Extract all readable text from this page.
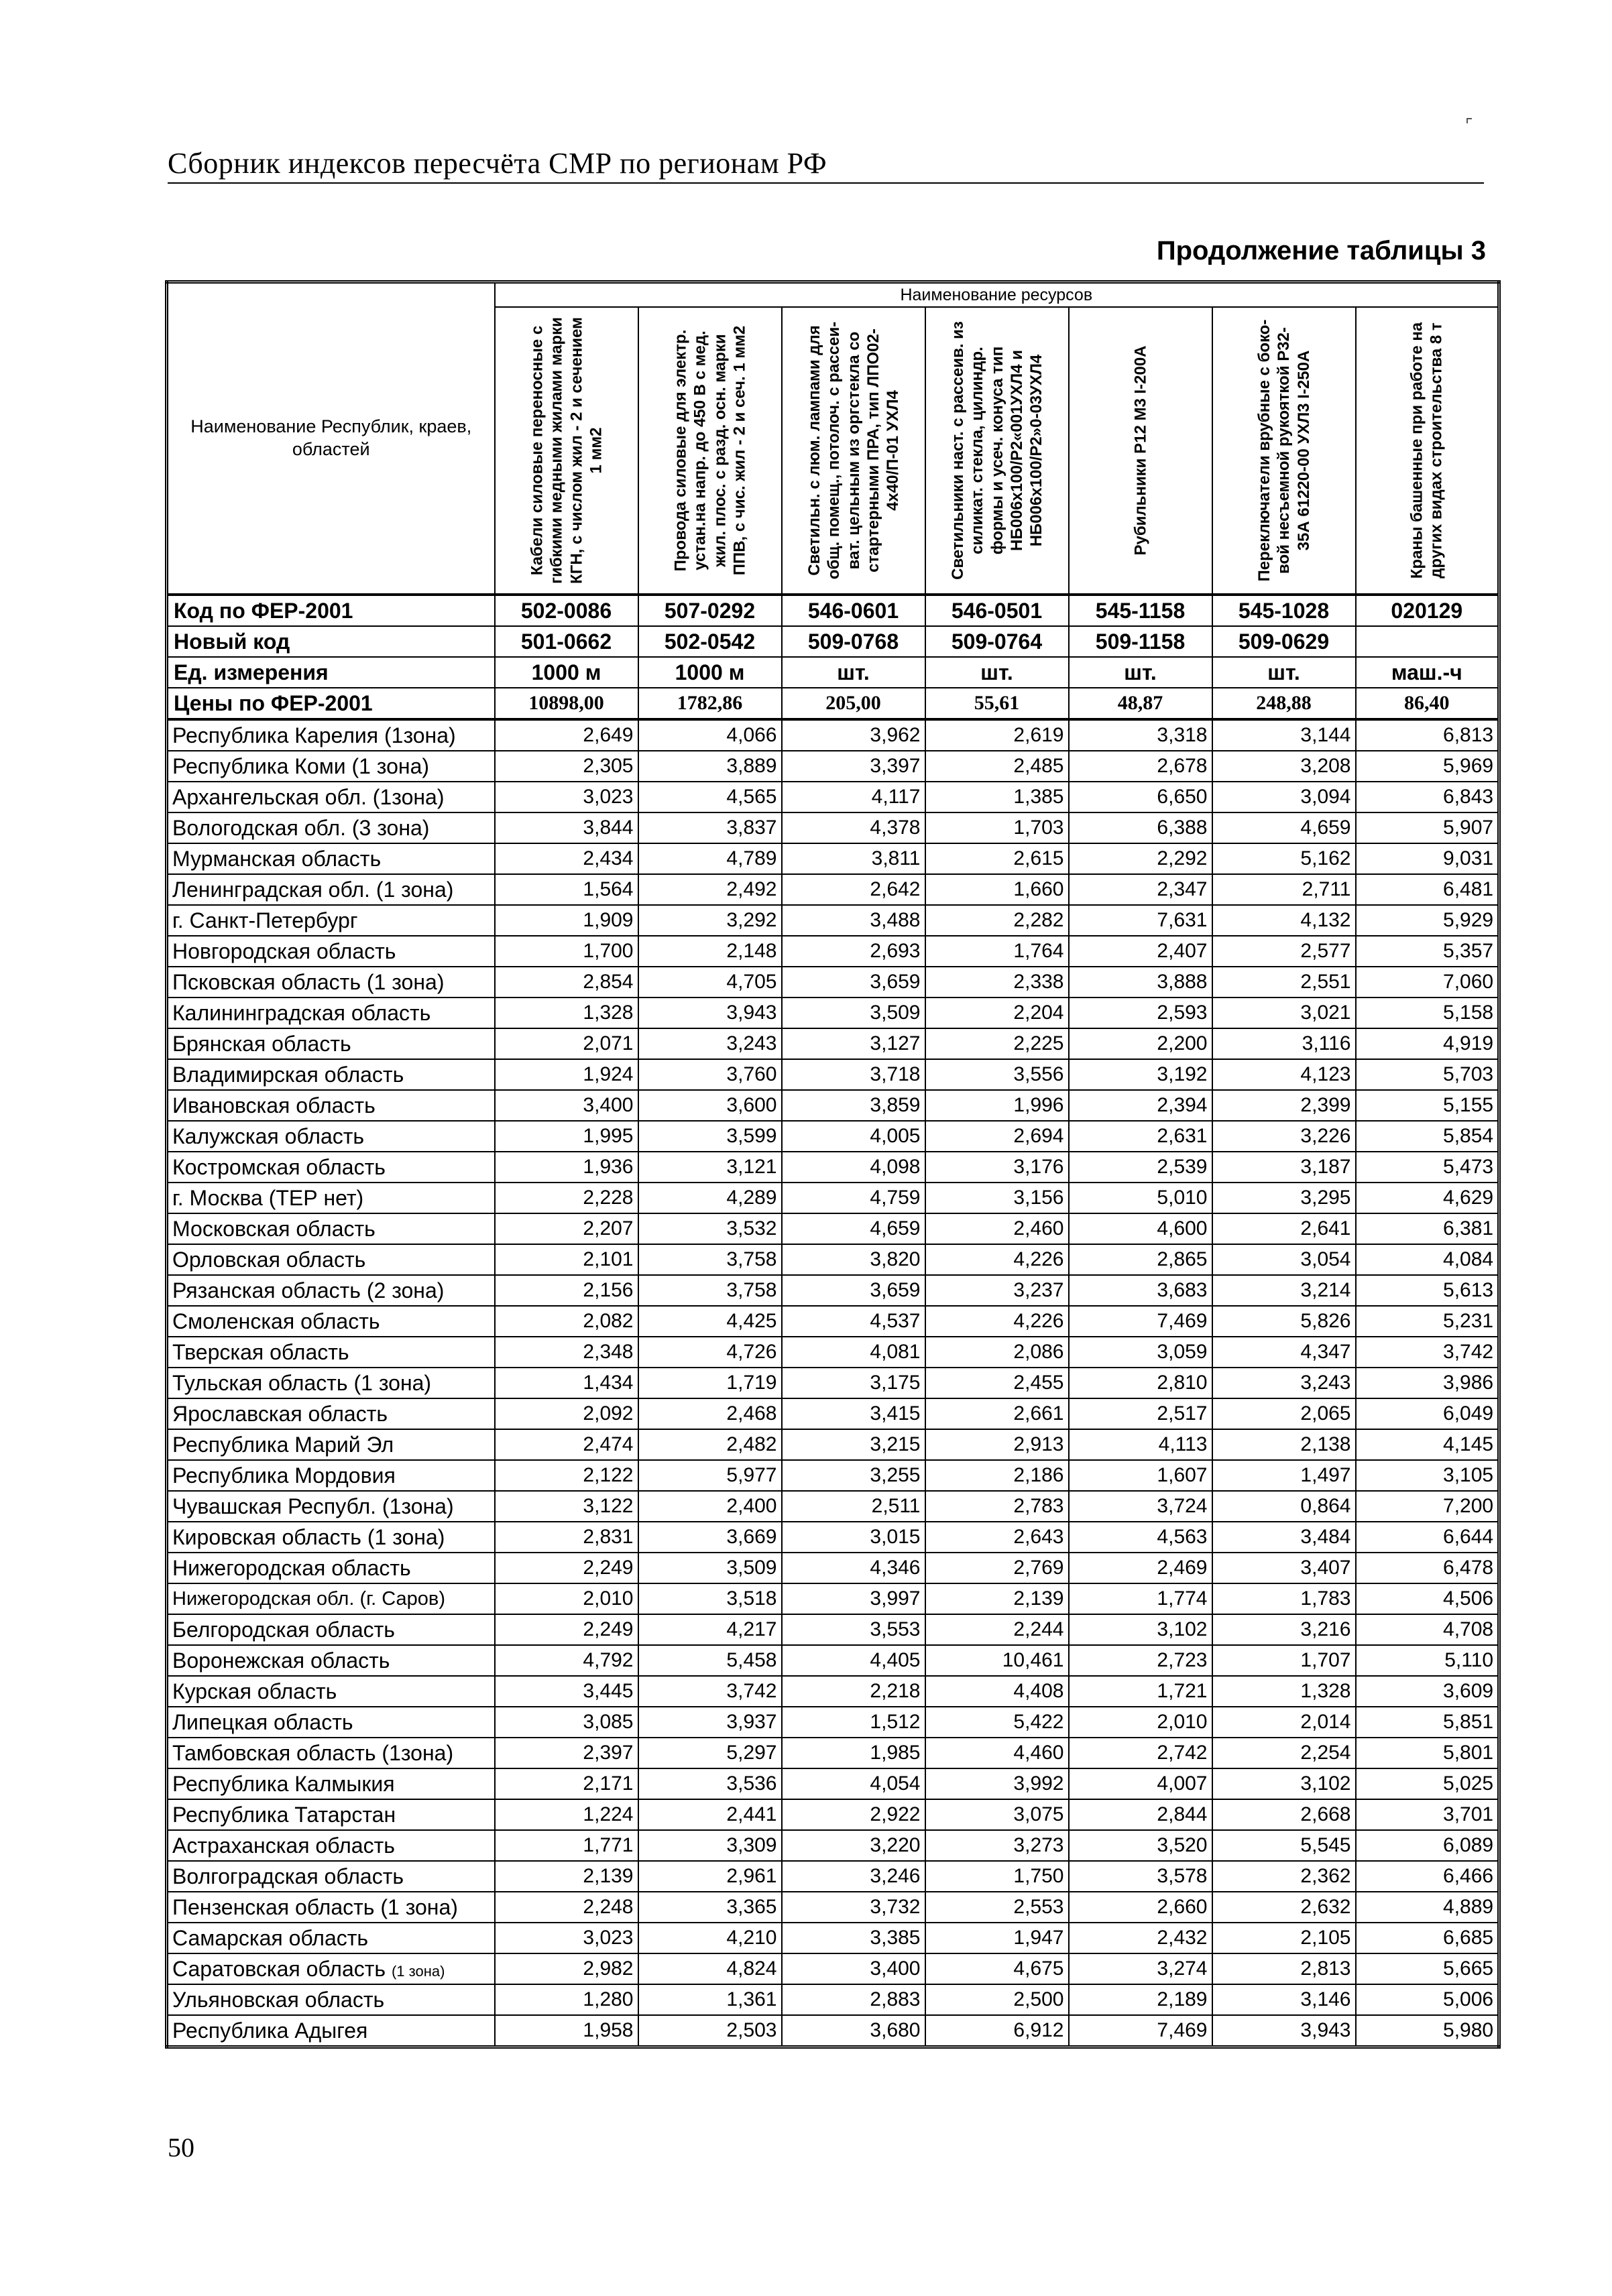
Сборник индексов пересчёта СМР по регионам РФ
Продолжение таблицы 3
Наименование Республик, краев, областей	Наименование ресурсов						

	Кабели силовые переносные с гибкими медными жилами марки КГН, с числом жил - 2 и сечением 1 мм2	Провода силовые для электр. устан.на напр. до 450 В с мед. жил. плос. с разд. осн. марки ППВ, с чис. жил - 2 и сеч. 1 мм2	Светильн. с люм. лампами для общ. помещ., потолоч. с рассеи-ват. цельным из оргстекла со стартерными ПРА, тип ЛПО02-4х40/П-01 УХЛ4	Светильники наст. с рассеив. из силикат. стекла, цилиндр. формы и усеч. конуса тип НБ006х100/Р2«001УХЛ4 и НБ006х100/Р2»0-03УХЛ4	Рубильники Р12 М3 I-200А	Переключатели врубные с боко-вой несъемной рукояткой Р32-35А 61220-00 УХЛ3 I-250А	Краны башенные при работе на других видах строительства 8 т

Код по ФЕР-2001	502-0086	507-0292	546-0601	546-0501	545-1158	545-1028	020129
Новый код	501-0662	502-0542	509-0768	509-0764	509-1158	509-0629	
Ед. измерения	1000 м	1000 м	шт.	шт.	шт.	шт.	маш.-ч
Цены по ФЕР-2001	10898,00	1782,86	205,00	55,61	48,87	248,88	86,40
Республика Карелия (1зона)	2,649	4,066	3,962	2,619	3,318	3,144	6,813
Республика Коми (1 зона)	2,305	3,889	3,397	2,485	2,678	3,208	5,969
Архангельская обл. (1зона)	3,023	4,565	4,117	1,385	6,650	3,094	6,843
Вологодская обл. (3 зона)	3,844	3,837	4,378	1,703	6,388	4,659	5,907
Мурманская область	2,434	4,789	3,811	2,615	2,292	5,162	9,031
Ленинградская обл. (1 зона)	1,564	2,492	2,642	1,660	2,347	2,711	6,481
г. Санкт-Петербург	1,909	3,292	3,488	2,282	7,631	4,132	5,929
Новгородская область	1,700	2,148	2,693	1,764	2,407	2,577	5,357
Псковская область (1 зона)	2,854	4,705	3,659	2,338	3,888	2,551	7,060
Калининградская область	1,328	3,943	3,509	2,204	2,593	3,021	5,158
Брянская область	2,071	3,243	3,127	2,225	2,200	3,116	4,919
Владимирская область	1,924	3,760	3,718	3,556	3,192	4,123	5,703
Ивановская область	3,400	3,600	3,859	1,996	2,394	2,399	5,155
Калужская область	1,995	3,599	4,005	2,694	2,631	3,226	5,854
Костромская область	1,936	3,121	4,098	3,176	2,539	3,187	5,473
г. Москва (ТЕР нет)	2,228	4,289	4,759	3,156	5,010	3,295	4,629
Московская область	2,207	3,532	4,659	2,460	4,600	2,641	6,381
Орловская область	2,101	3,758	3,820	4,226	2,865	3,054	4,084
Рязанская область (2 зона)	2,156	3,758	3,659	3,237	3,683	3,214	5,613
Смоленская область	2,082	4,425	4,537	4,226	7,469	5,826	5,231
Тверская область	2,348	4,726	4,081	2,086	3,059	4,347	3,742
Тульская область (1 зона)	1,434	1,719	3,175	2,455	2,810	3,243	3,986
Ярославская область	2,092	2,468	3,415	2,661	2,517	2,065	6,049
Республика Марий Эл	2,474	2,482	3,215	2,913	4,113	2,138	4,145
Республика Мордовия	2,122	5,977	3,255	2,186	1,607	1,497	3,105
Чувашская Республ. (1зона)	3,122	2,400	2,511	2,783	3,724	0,864	7,200
Кировская область (1 зона)	2,831	3,669	3,015	2,643	4,563	3,484	6,644
Нижегородская область	2,249	3,509	4,346	2,769	2,469	3,407	6,478
Нижегородская обл. (г. Саров)	2,010	3,518	3,997	2,139	1,774	1,783	4,506
Белгородская область	2,249	4,217	3,553	2,244	3,102	3,216	4,708
Воронежская область	4,792	5,458	4,405	10,461	2,723	1,707	5,110
Курская область	3,445	3,742	2,218	4,408	1,721	1,328	3,609
Липецкая область	3,085	3,937	1,512	5,422	2,010	2,014	5,851
Тамбовская область (1зона)	2,397	5,297	1,985	4,460	2,742	2,254	5,801
Республика Калмыкия	2,171	3,536	4,054	3,992	4,007	3,102	5,025
Республика Татарстан	1,224	2,441	2,922	3,075	2,844	2,668	3,701
Астраханская область	1,771	3,309	3,220	3,273	3,520	5,545	6,089
Волгоградская область	2,139	2,961	3,246	1,750	3,578	2,362	6,466
Пензенская область (1 зона)	2,248	3,365	3,732	2,553	2,660	2,632	4,889
Самарская область	3,023	4,210	3,385	1,947	2,432	2,105	6,685
Саратовская область (1 зона)	2,982	4,824	3,400	4,675	3,274	2,813	5,665
Ульяновская область	1,280	1,361	2,883	2,500	2,189	3,146	5,006
Республика Адыгея	1,958	2,503	3,680	6,912	7,469	3,943	5,980
50
